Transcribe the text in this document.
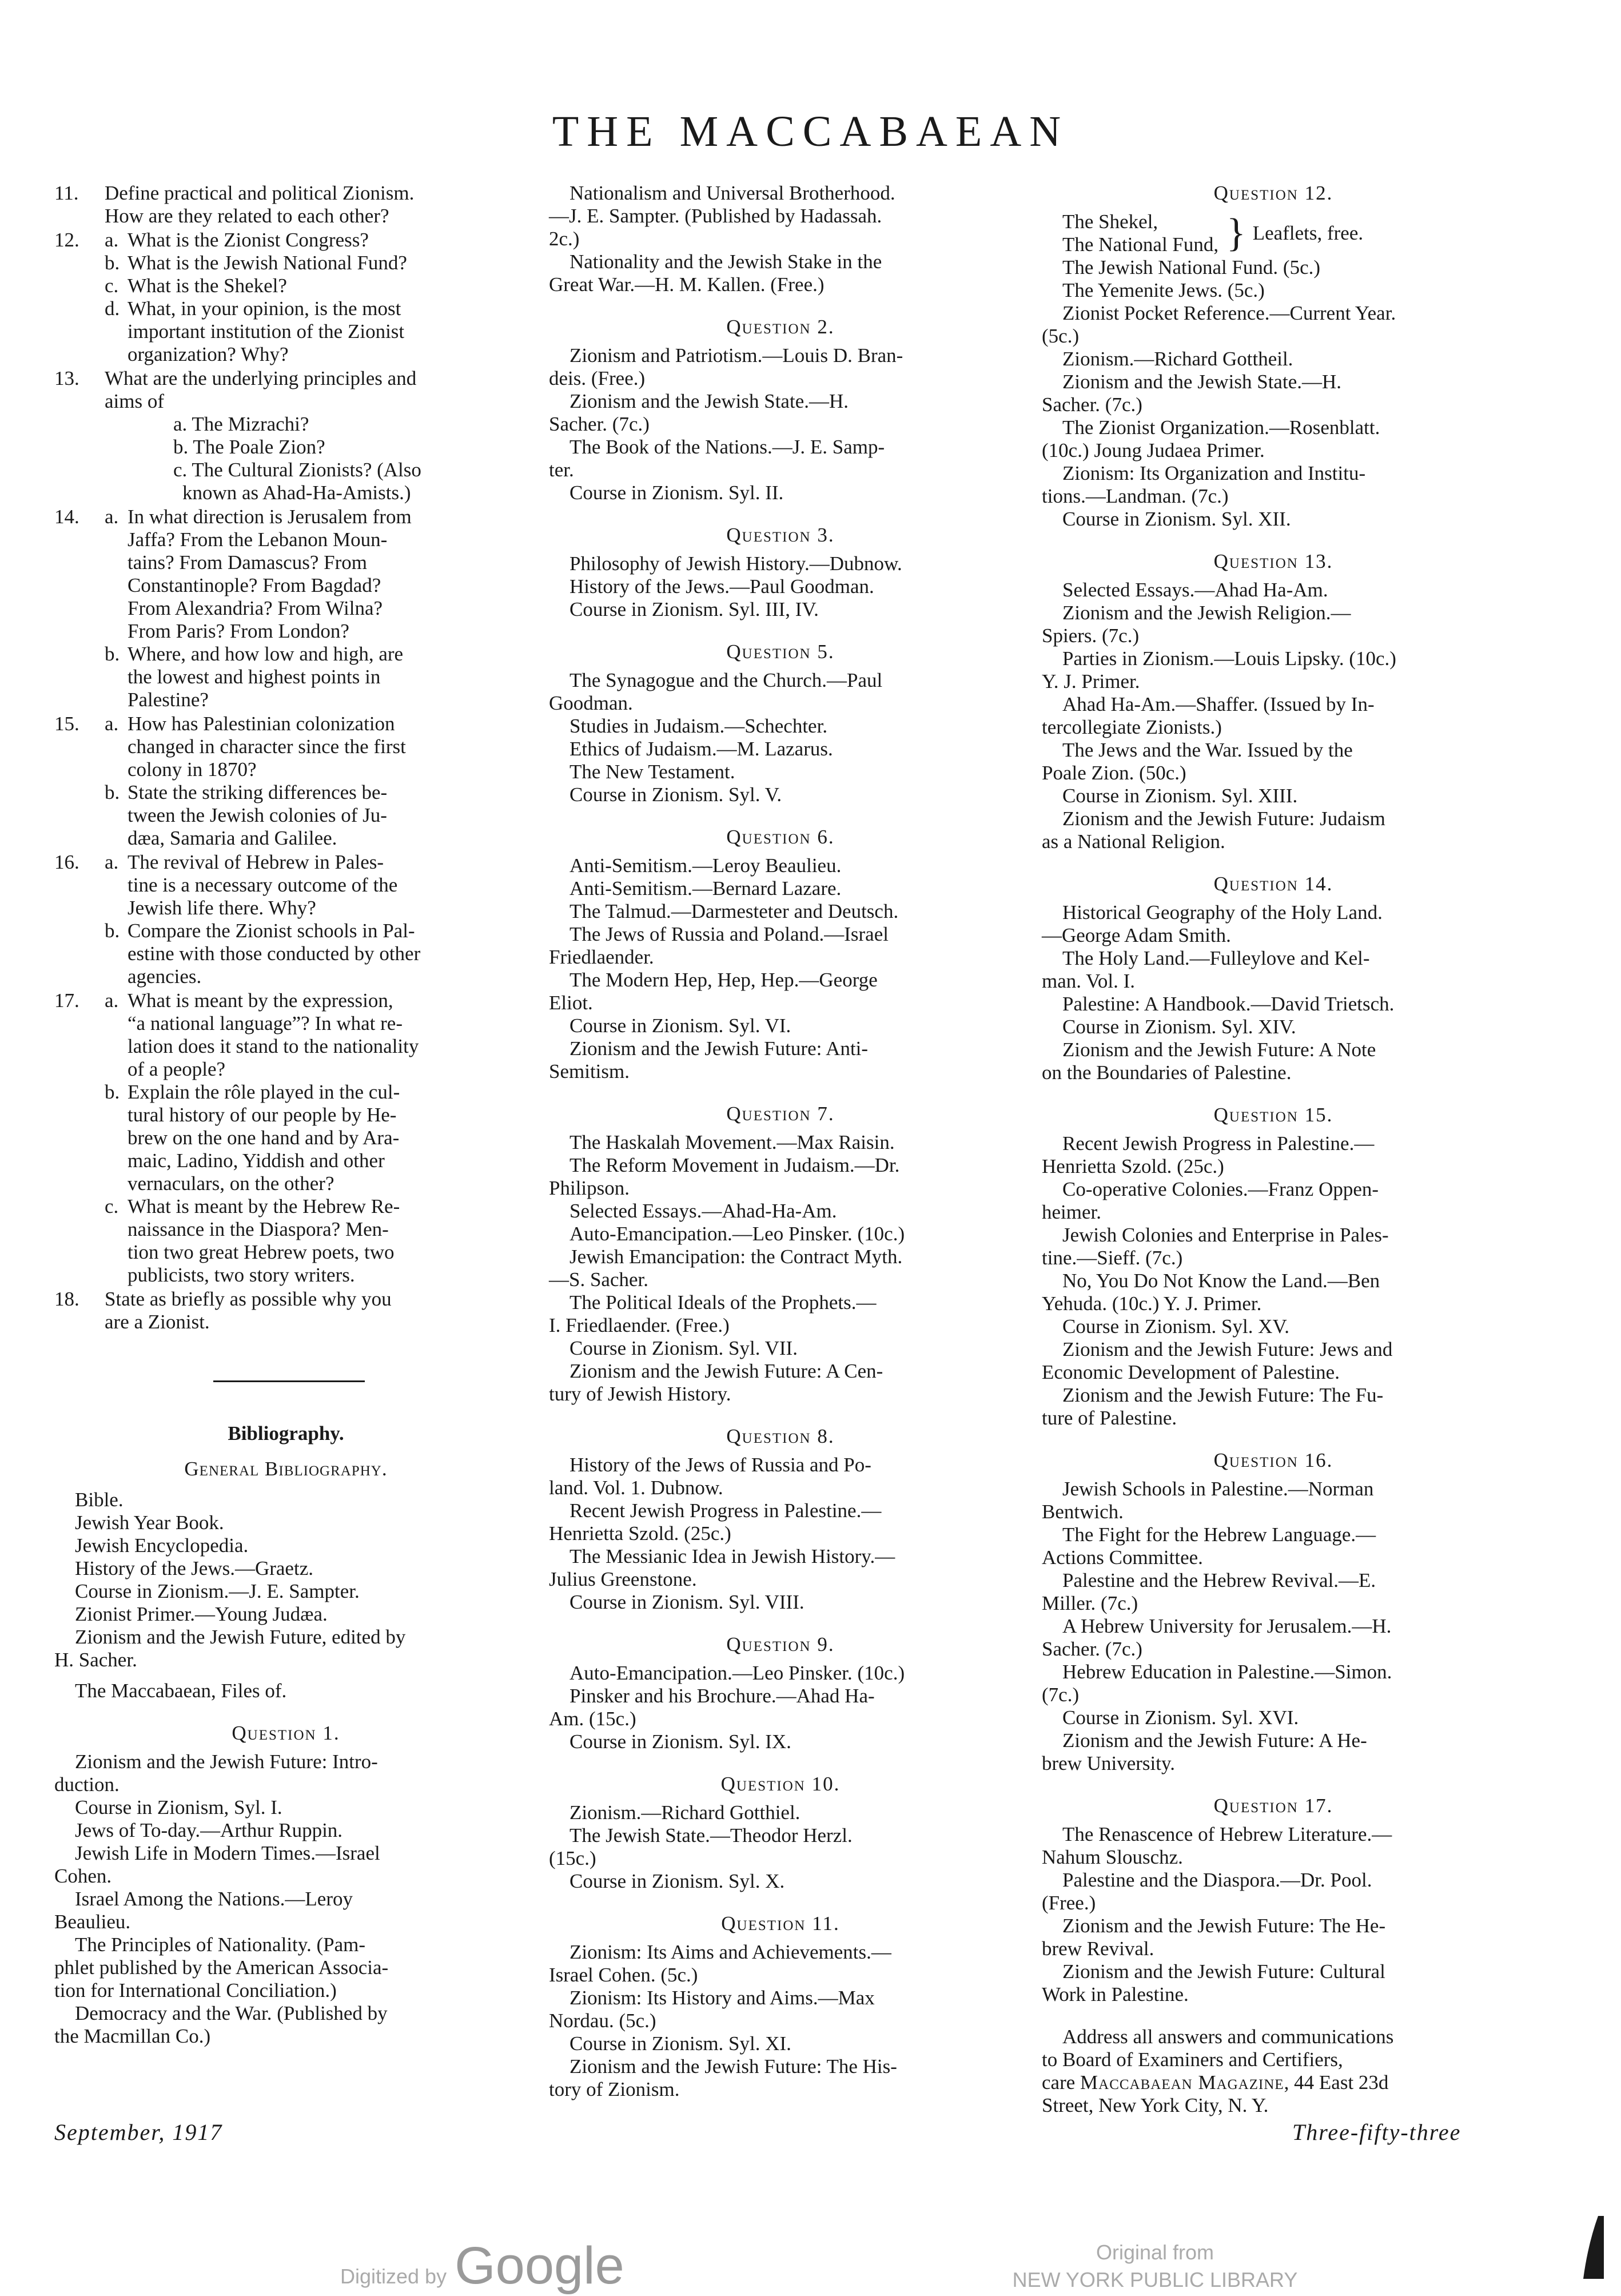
THE MACCABAEAN
11.	Define practical and political Zionism.
How are they related to each other?
12.	a. What is the Zionist Congress?
b. What is the Jewish National Fund?
c. What is the Shekel?
d. What, in your opinion, is the most
important institution of the Zionist
organization? Why?
13.	What are the underlying principles and
aims of
a. The Mizrachi?
b. The Poale Zion?
c. The Cultural Zionists? (Also
known as Ahad-Ha-Amists.)
14.	a. In what direction is Jerusalem from
Jaffa? From the Lebanon Moun-
tains? From Damascus? From
Constantinople? From Bagdad?
From Alexandria? From Wilna?
From Paris? From London?
b. Where, and how low and high, are
the lowest and highest points in
Palestine?
15.	a. How has Palestinian colonization
changed in character since the first
colony in 1870?
b. State the striking differences be-
tween the Jewish colonies of Ju-
dæa, Samaria and Galilee.
16.	a. The revival of Hebrew in Pales-
tine is a necessary outcome of the
Jewish life there. Why?
b. Compare the Zionist schools in Pal-
estine with those conducted by other
agencies.
17.	a. What is meant by the expression,
“a national language”? In what re-
lation does it stand to the nationality
of a people?
b. Explain the rôle played in the cul-
tural history of our people by He-
brew on the one hand and by Ara-
maic, Ladino, Yiddish and other
vernaculars, on the other?
c. What is meant by the Hebrew Re-
naissance in the Diaspora? Men-
tion two great Hebrew poets, two
publicists, two story writers.
18.	State as briefly as possible why you
are a Zionist.
Bibliography.
General Bibliography.
Bible.
Jewish Year Book.
Jewish Encyclopedia.
History of the Jews.—Graetz.
Course in Zionism.—J. E. Sampter.
Zionist Primer.—Young Judæa.
Zionism and the Jewish Future, edited by
H. Sacher.
The Maccabaean, Files of.
Question 1.
Zionism and the Jewish Future: Intro-
duction.
Course in Zionism, Syl. I.
Jews of To-day.—Arthur Ruppin.
Jewish Life in Modern Times.—Israel
Cohen.
Israel Among the Nations.—Leroy
Beaulieu.
The Principles of Nationality. (Pam-
phlet published by the American Associa-
tion for International Conciliation.)
Democracy and the War. (Published by
the Macmillan Co.)
Nationalism and Universal Brotherhood.
—J. E. Sampter. (Published by Hadassah.
2c.)
Nationality and the Jewish Stake in the
Great War.—H. M. Kallen. (Free.)
Question 2.
Zionism and Patriotism.—Louis D. Bran-
deis. (Free.)
Zionism and the Jewish State.—H.
Sacher. (7c.)
The Book of the Nations.—J. E. Samp-
ter.
Course in Zionism. Syl. II.
Question 3.
Philosophy of Jewish History.—Dubnow.
History of the Jews.—Paul Goodman.
Course in Zionism. Syl. III, IV.
Question 5.
The Synagogue and the Church.—Paul
Goodman.
Studies in Judaism.—Schechter.
Ethics of Judaism.—M. Lazarus.
The New Testament.
Course in Zionism. Syl. V.
Question 6.
Anti-Semitism.—Leroy Beaulieu.
Anti-Semitism.—Bernard Lazare.
The Talmud.—Darmesteter and Deutsch.
The Jews of Russia and Poland.—Israel
Friedlaender.
The Modern Hep, Hep, Hep.—George
Eliot.
Course in Zionism. Syl. VI.
Zionism and the Jewish Future: Anti-
Semitism.
Question 7.
The Haskalah Movement.—Max Raisin.
The Reform Movement in Judaism.—Dr.
Philipson.
Selected Essays.—Ahad-Ha-Am.
Auto-Emancipation.—Leo Pinsker. (10c.)
Jewish Emancipation: the Contract Myth.
—S. Sacher.
The Political Ideals of the Prophets.—
I. Friedlaender. (Free.)
Course in Zionism. Syl. VII.
Zionism and the Jewish Future: A Cen-
tury of Jewish History.
Question 8.
History of the Jews of Russia and Po-
land. Vol. 1. Dubnow.
Recent Jewish Progress in Palestine.—
Henrietta Szold. (25c.)
The Messianic Idea in Jewish History.—
Julius Greenstone.
Course in Zionism. Syl. VIII.
Question 9.
Auto-Emancipation.—Leo Pinsker. (10c.)
Pinsker and his Brochure.—Ahad Ha-
Am. (15c.)
Course in Zionism. Syl. IX.
Question 10.
Zionism.—Richard Gotthiel.
The Jewish State.—Theodor Herzl.
(15c.)
Course in Zionism. Syl. X.
Question 11.
Zionism: Its Aims and Achievements.—
Israel Cohen. (5c.)
Zionism: Its History and Aims.—Max
Nordau. (5c.)
Course in Zionism. Syl. XI.
Zionism and the Jewish Future: The His-
tory of Zionism.
Question 12.
The Shekel,
The National Fund, } Leaflets, free.
The Jewish National Fund. (5c.)
The Yemenite Jews. (5c.)
Zionist Pocket Reference.—Current Year.
(5c.)
Zionism.—Richard Gottheil.
Zionism and the Jewish State.—H.
Sacher. (7c.)
The Zionist Organization.—Rosenblatt.
(10c.) Joung Judaea Primer.
Zionism: Its Organization and Institu-
tions.—Landman. (7c.)
Course in Zionism. Syl. XII.
Question 13.
Selected Essays.—Ahad Ha-Am.
Zionism and the Jewish Religion.—
Spiers. (7c.)
Parties in Zionism.—Louis Lipsky. (10c.)
Y. J. Primer.
Ahad Ha-Am.—Shaffer. (Issued by In-
tercollegiate Zionists.)
The Jews and the War. Issued by the
Poale Zion. (50c.)
Course in Zionism. Syl. XIII.
Zionism and the Jewish Future: Judaism
as a National Religion.
Question 14.
Historical Geography of the Holy Land.
—George Adam Smith.
The Holy Land.—Fulleylove and Kel-
man. Vol. I.
Palestine: A Handbook.—David Trietsch.
Course in Zionism. Syl. XIV.
Zionism and the Jewish Future: A Note
on the Boundaries of Palestine.
Question 15.
Recent Jewish Progress in Palestine.—
Henrietta Szold. (25c.)
Co-operative Colonies.—Franz Oppen-
heimer.
Jewish Colonies and Enterprise in Pales-
tine.—Sieff. (7c.)
No, You Do Not Know the Land.—Ben
Yehuda. (10c.) Y. J. Primer.
Course in Zionism. Syl. XV.
Zionism and the Jewish Future: Jews and
Economic Development of Palestine.
Zionism and the Jewish Future: The Fu-
ture of Palestine.
Question 16.
Jewish Schools in Palestine.—Norman
Bentwich.
The Fight for the Hebrew Language.—
Actions Committee.
Palestine and the Hebrew Revival.—E.
Miller. (7c.)
A Hebrew University for Jerusalem.—H.
Sacher. (7c.)
Hebrew Education in Palestine.—Simon.
(7c.)
Course in Zionism. Syl. XVI.
Zionism and the Jewish Future: A He-
brew University.
Question 17.
The Renascence of Hebrew Literature.—
Nahum Slouschz.
Palestine and the Diaspora.—Dr. Pool.
(Free.)
Zionism and the Jewish Future: The He-
brew Revival.
Zionism and the Jewish Future: Cultural
Work in Palestine.
Address all answers and communications
to Board of Examiners and Certifiers,
care Maccabaean Magazine, 44 East 23d
Street, New York City, N. Y.
September, 1917	Three-fifty-three
Digitized by Google	Original from
NEW YORK PUBLIC LIBRARY
